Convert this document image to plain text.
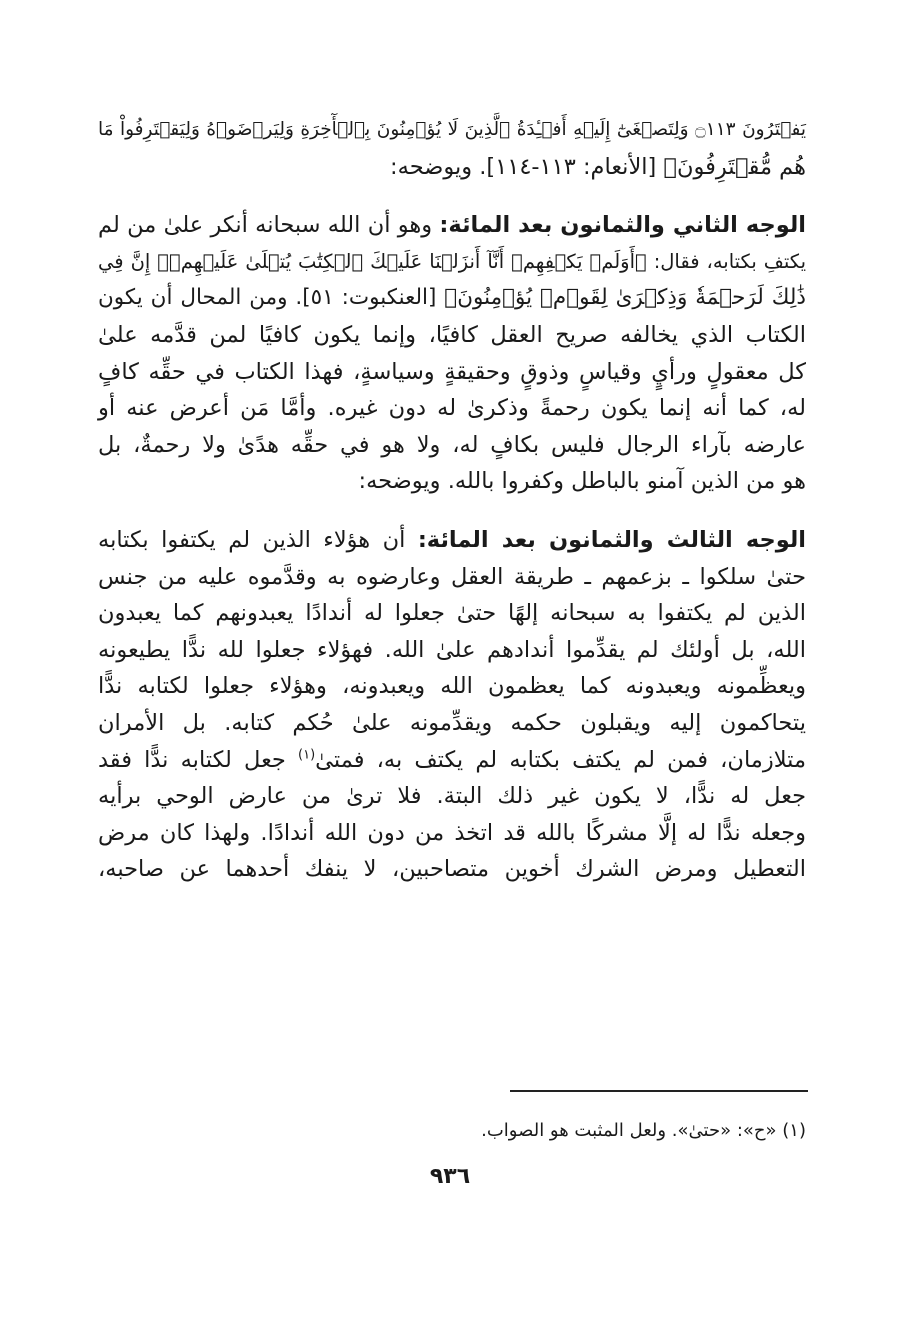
يَفۡتَرُونَ ۝١١٣ وَلِتَصۡغَىٰٓ إِلَيۡهِ أَفۡـِٔدَةُ ٱلَّذِينَ لَا يُؤۡمِنُونَ بِٱلۡأٓخِرَةِ وَلِيَرۡضَوۡهُ وَلِيَقۡتَرِفُواْ مَا
هُم مُّقۡتَرِفُونَ﴾ [الأنعام: ١١٣-١١٤]. ويوضحه:
الوجه الثاني والثمانون بعد المائة: وهو أن الله سبحانه أنكر علىٰ من لم
يكتفِ بكتابه، فقال: ﴿أَوَلَمۡ يَكۡفِهِمۡ أَنَّآ أَنزَلۡنَا عَلَيۡكَ ٱلۡكِتَٰبَ يُتۡلَىٰ عَلَيۡهِمۡۚ إِنَّ فِي
ذَٰلِكَ لَرَحۡمَةٗ وَذِكۡرَىٰ لِقَوۡمٖ يُؤۡمِنُونَ﴾ [العنكبوت: ٥١]. ومن المحال أن يكون
الكتاب الذي يخالفه صريح العقل كافيًا، وإنما يكون كافيًا لمن قدَّمه علىٰ
كل معقولٍ ورأيٍ وقياسٍ وذوقٍ وحقيقةٍ وسياسةٍ، فهذا الكتاب في حقِّه كافٍ
له، كما أنه إنما يكون رحمةً وذكرىٰ له دون غيره. وأمَّا مَن أعرض عنه أو
عارضه بآراء الرجال فليس بكافٍ له، ولا هو في حقِّه هدًىٰ ولا رحمةٌ، بل
هو من الذين آمنو بالباطل وكفروا بالله. ويوضحه:
الوجه الثالث والثمانون بعد المائة: أن هؤلاء الذين لم يكتفوا بكتابه
حتىٰ سلكوا ـ بزعمهم ـ طريقة العقل وعارضوه به وقدَّموه عليه من جنس
الذين لم يكتفوا به سبحانه إلهًا حتىٰ جعلوا له أندادًا يعبدونهم كما يعبدون
الله، بل أولئك لم يقدِّموا أندادهم علىٰ الله. فهؤلاء جعلوا لله ندًّا يطيعونه
ويعظِّمونه ويعبدونه كما يعظمون الله ويعبدونه، وهؤلاء جعلوا لكتابه ندًّا
يتحاكمون إليه ويقبلون حكمه ويقدِّمونه علىٰ حُكم كتابه. بل الأمران
متلازمان، فمن لم يكتف بكتابه لم يكتف به، فمتىٰ$^{(١)}$ جعل لكتابه ندًّا فقد
جعل له ندًّا، لا يكون غير ذلك البتة. فلا ترىٰ من عارض الوحي برأيه
وجعله ندًّا له إلَّا مشركًا بالله قد اتخذ من دون الله أندادًا. ولهذا كان مرض
التعطيل ومرض الشرك أخوين متصاحبين، لا ينفك أحدهما عن صاحبه،
(١) «ح»: «حتىٰ». ولعل المثبت هو الصواب.
٩٣٦
